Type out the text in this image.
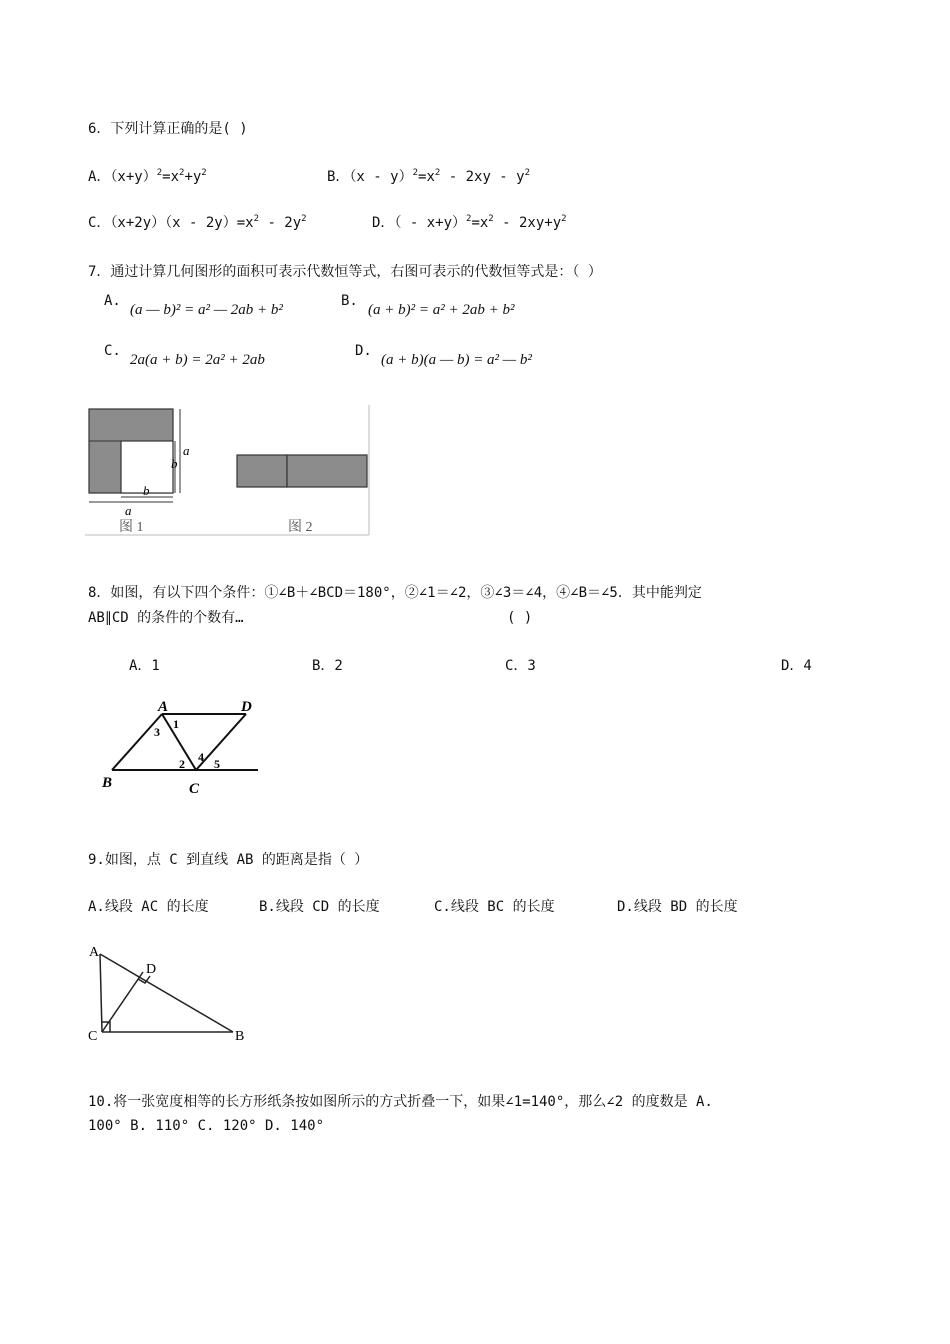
6．下列计算正确的是( )
A．$(x+y)^2=x^2+y^2$	B．$(x - y)^2=x^2 - 2xy - y^2$
C．$(x+2y)(x - 2y)=x^2 - 2y^2$	D．（ - $x+y)^2=x^2 - 2xy+y^2$
7．通过计算几何图形的面积可表示代数恒等式，右图可表示的代数恒等式是：（ ）
A.
(a — b)² = a² — 2ab + b²
B.
(a + b)² = a² + 2ab + b²
C.
2a(a + b) = 2a² + 2ab
D.
(a + b)(a — b) = a² — b²
a
b
b
a
图 1	图 2
8．如图，有以下四个条件：①∠B＋∠BCD＝180°，②∠1＝∠2，③∠3＝∠4，④∠B＝∠5．其中能判定
AB∥CD 的条件的个数有…	( )
A．1	B．2	C．3	D．4
A	D
B	C
1
2
3
4 5
9.如图，点 C 到直线 AB 的距离是指（ ）
A.线段 AC 的长度	B.线段 CD 的长度	C.线段 BC 的长度	D.线段 BD 的长度
A
D
C	B
10.将一张宽度相等的长方形纸条按如图所示的方式折叠一下，如果∠1=140°，那么∠2 的度数是 A.
100° B. 110° C. 120° D. 140°
